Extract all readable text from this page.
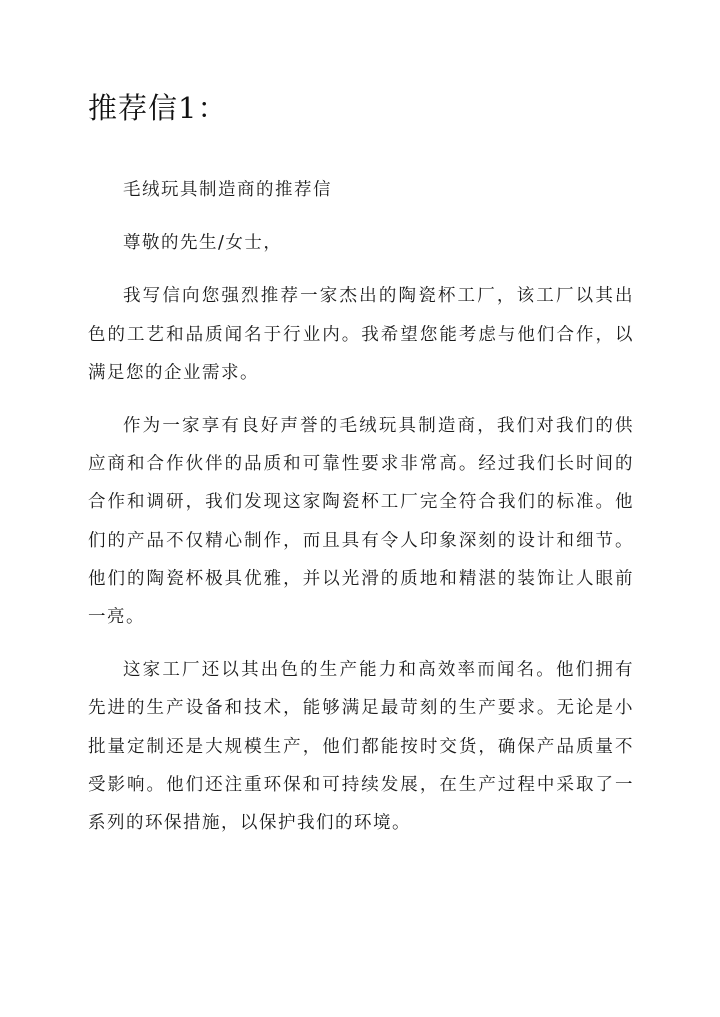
推荐信1：

毛绒玩具制造商的推荐信

尊敬的先生/女士，

我写信向您强烈推荐一家杰出的陶瓷杯工厂，该工厂以其出色的工艺和品质闻名于行业内。我希望您能考虑与他们合作，以满足您的企业需求。

作为一家享有良好声誉的毛绒玩具制造商，我们对我们的供应商和合作伙伴的品质和可靠性要求非常高。经过我们长时间的合作和调研，我们发现这家陶瓷杯工厂完全符合我们的标准。他们的产品不仅精心制作，而且具有令人印象深刻的设计和细节。他们的陶瓷杯极具优雅，并以光滑的质地和精湛的装饰让人眼前一亮。

这家工厂还以其出色的生产能力和高效率而闻名。他们拥有先进的生产设备和技术，能够满足最苛刻的生产要求。无论是小批量定制还是大规模生产，他们都能按时交货，确保产品质量不受影响。他们还注重环保和可持续发展，在生产过程中采取了一系列的环保措施，以保护我们的环境。
